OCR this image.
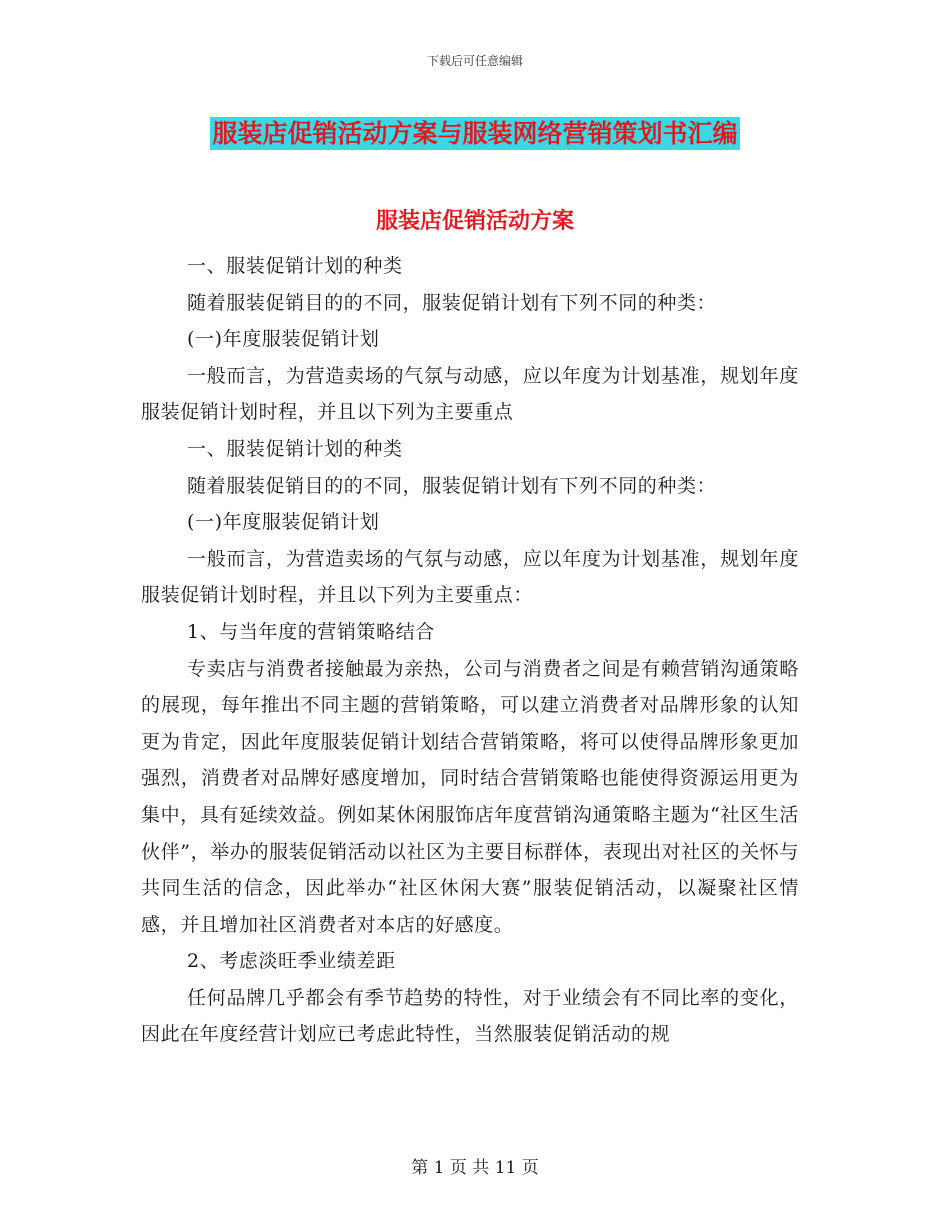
下载后可任意编辑
服装店促销活动方案与服装网络营销策划书汇编
服装店促销活动方案

一、服装促销计划的种类

随着服装促销目的的不同，服装促销计划有下列不同的种类：

(一)年度服装促销计划

一般而言，为营造卖场的气氛与动感，应以年度为计划基准，规划年度服装促销计划时程，并且以下列为主要重点

一、服装促销计划的种类

随着服装促销目的的不同，服装促销计划有下列不同的种类：

(一)年度服装促销计划

一般而言，为营造卖场的气氛与动感，应以年度为计划基准，规划年度服装促销计划时程，并且以下列为主要重点：

1、与当年度的营销策略结合

专卖店与消费者接触最为亲热，公司与消费者之间是有赖营销沟通策略的展现，每年推出不同主题的营销策略，可以建立消费者对品牌形象的认知更为肯定，因此年度服装促销计划结合营销策略，将可以使得品牌形象更加强烈，消费者对品牌好感度增加，同时结合营销策略也能使得资源运用更为集中，具有延续效益。例如某休闲服饰店年度营销沟通策略主题为“社区生活伙伴”，举办的服装促销活动以社区为主要目标群体，表现出对社区的关怀与共同生活的信念，因此举办“社区休闲大赛”服装促销活动，以凝聚社区情感，并且增加社区消费者对本店的好感度。

2、考虑淡旺季业绩差距

任何品牌几乎都会有季节趋势的特性，对于业绩会有不同比率的变化，因此在年度经营计划应已考虑此特性，当然服装促销活动的规

第 1 页 共 11 页
